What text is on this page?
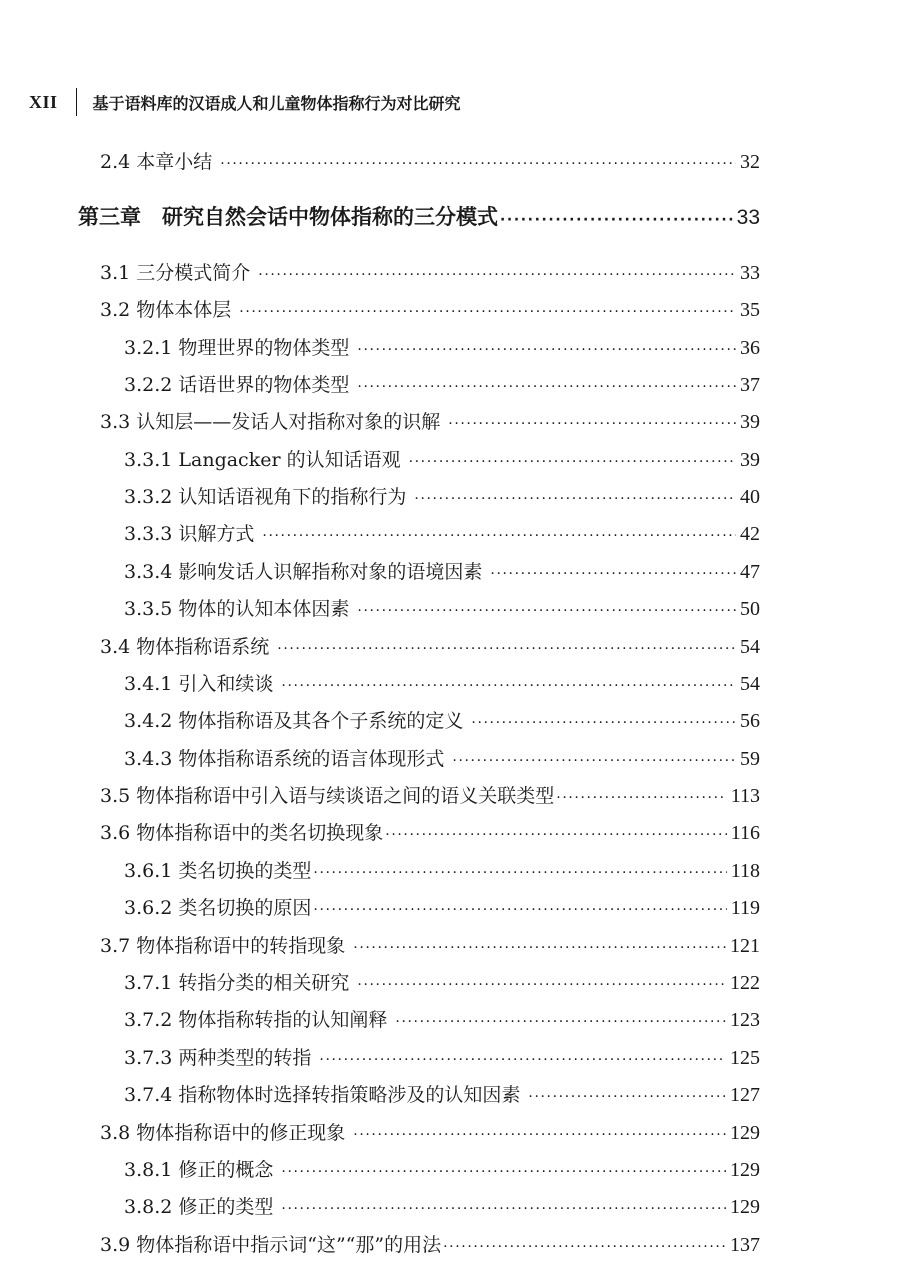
XII 基于语料库的汉语成人和儿童物体指称行为对比研究
2.4 本章小结 ·····	32
第三章　研究自然会话中物体指称的三分模式 ·····	33
3.1 三分模式简介 ·····	33
3.2 物体本体层 ·····	35
3.2.1 物理世界的物体类型 ·····	36
3.2.2 话语世界的物体类型 ·····	37
3.3 认知层——发话人对指称对象的识解 ·····	39
3.3.1 Langacker 的认知话语观 ·····	39
3.3.2 认知话语视角下的指称行为 ·····	40
3.3.3 识解方式 ·····	42
3.3.4 影响发话人识解指称对象的语境因素 ·····	47
3.3.5 物体的认知本体因素 ·····	50
3.4 物体指称语系统 ·····	54
3.4.1 引入和续谈 ·····	54
3.4.2 物体指称语及其各个子系统的定义 ·····	56
3.4.3 物体指称语系统的语言体现形式 ·····	59
3.5 物体指称语中引入语与续谈语之间的语义关联类型 ·····	113
3.6 物体指称语中的类名切换现象 ·····	116
3.6.1 类名切换的类型 ·····	118
3.6.2 类名切换的原因 ·····	119
3.7 物体指称语中的转指现象 ·····	121
3.7.1 转指分类的相关研究 ·····	122
3.7.2 物体指称转指的认知阐释 ·····	123
3.7.3 两种类型的转指 ·····	125
3.7.4 指称物体时选择转指策略涉及的认知因素 ·····	127
3.8 物体指称语中的修正现象 ·····	129
3.8.1 修正的概念 ·····	129
3.8.2 修正的类型 ·····	129
3.9 物体指称语中指示词“这”“那”的用法 ·····	137
